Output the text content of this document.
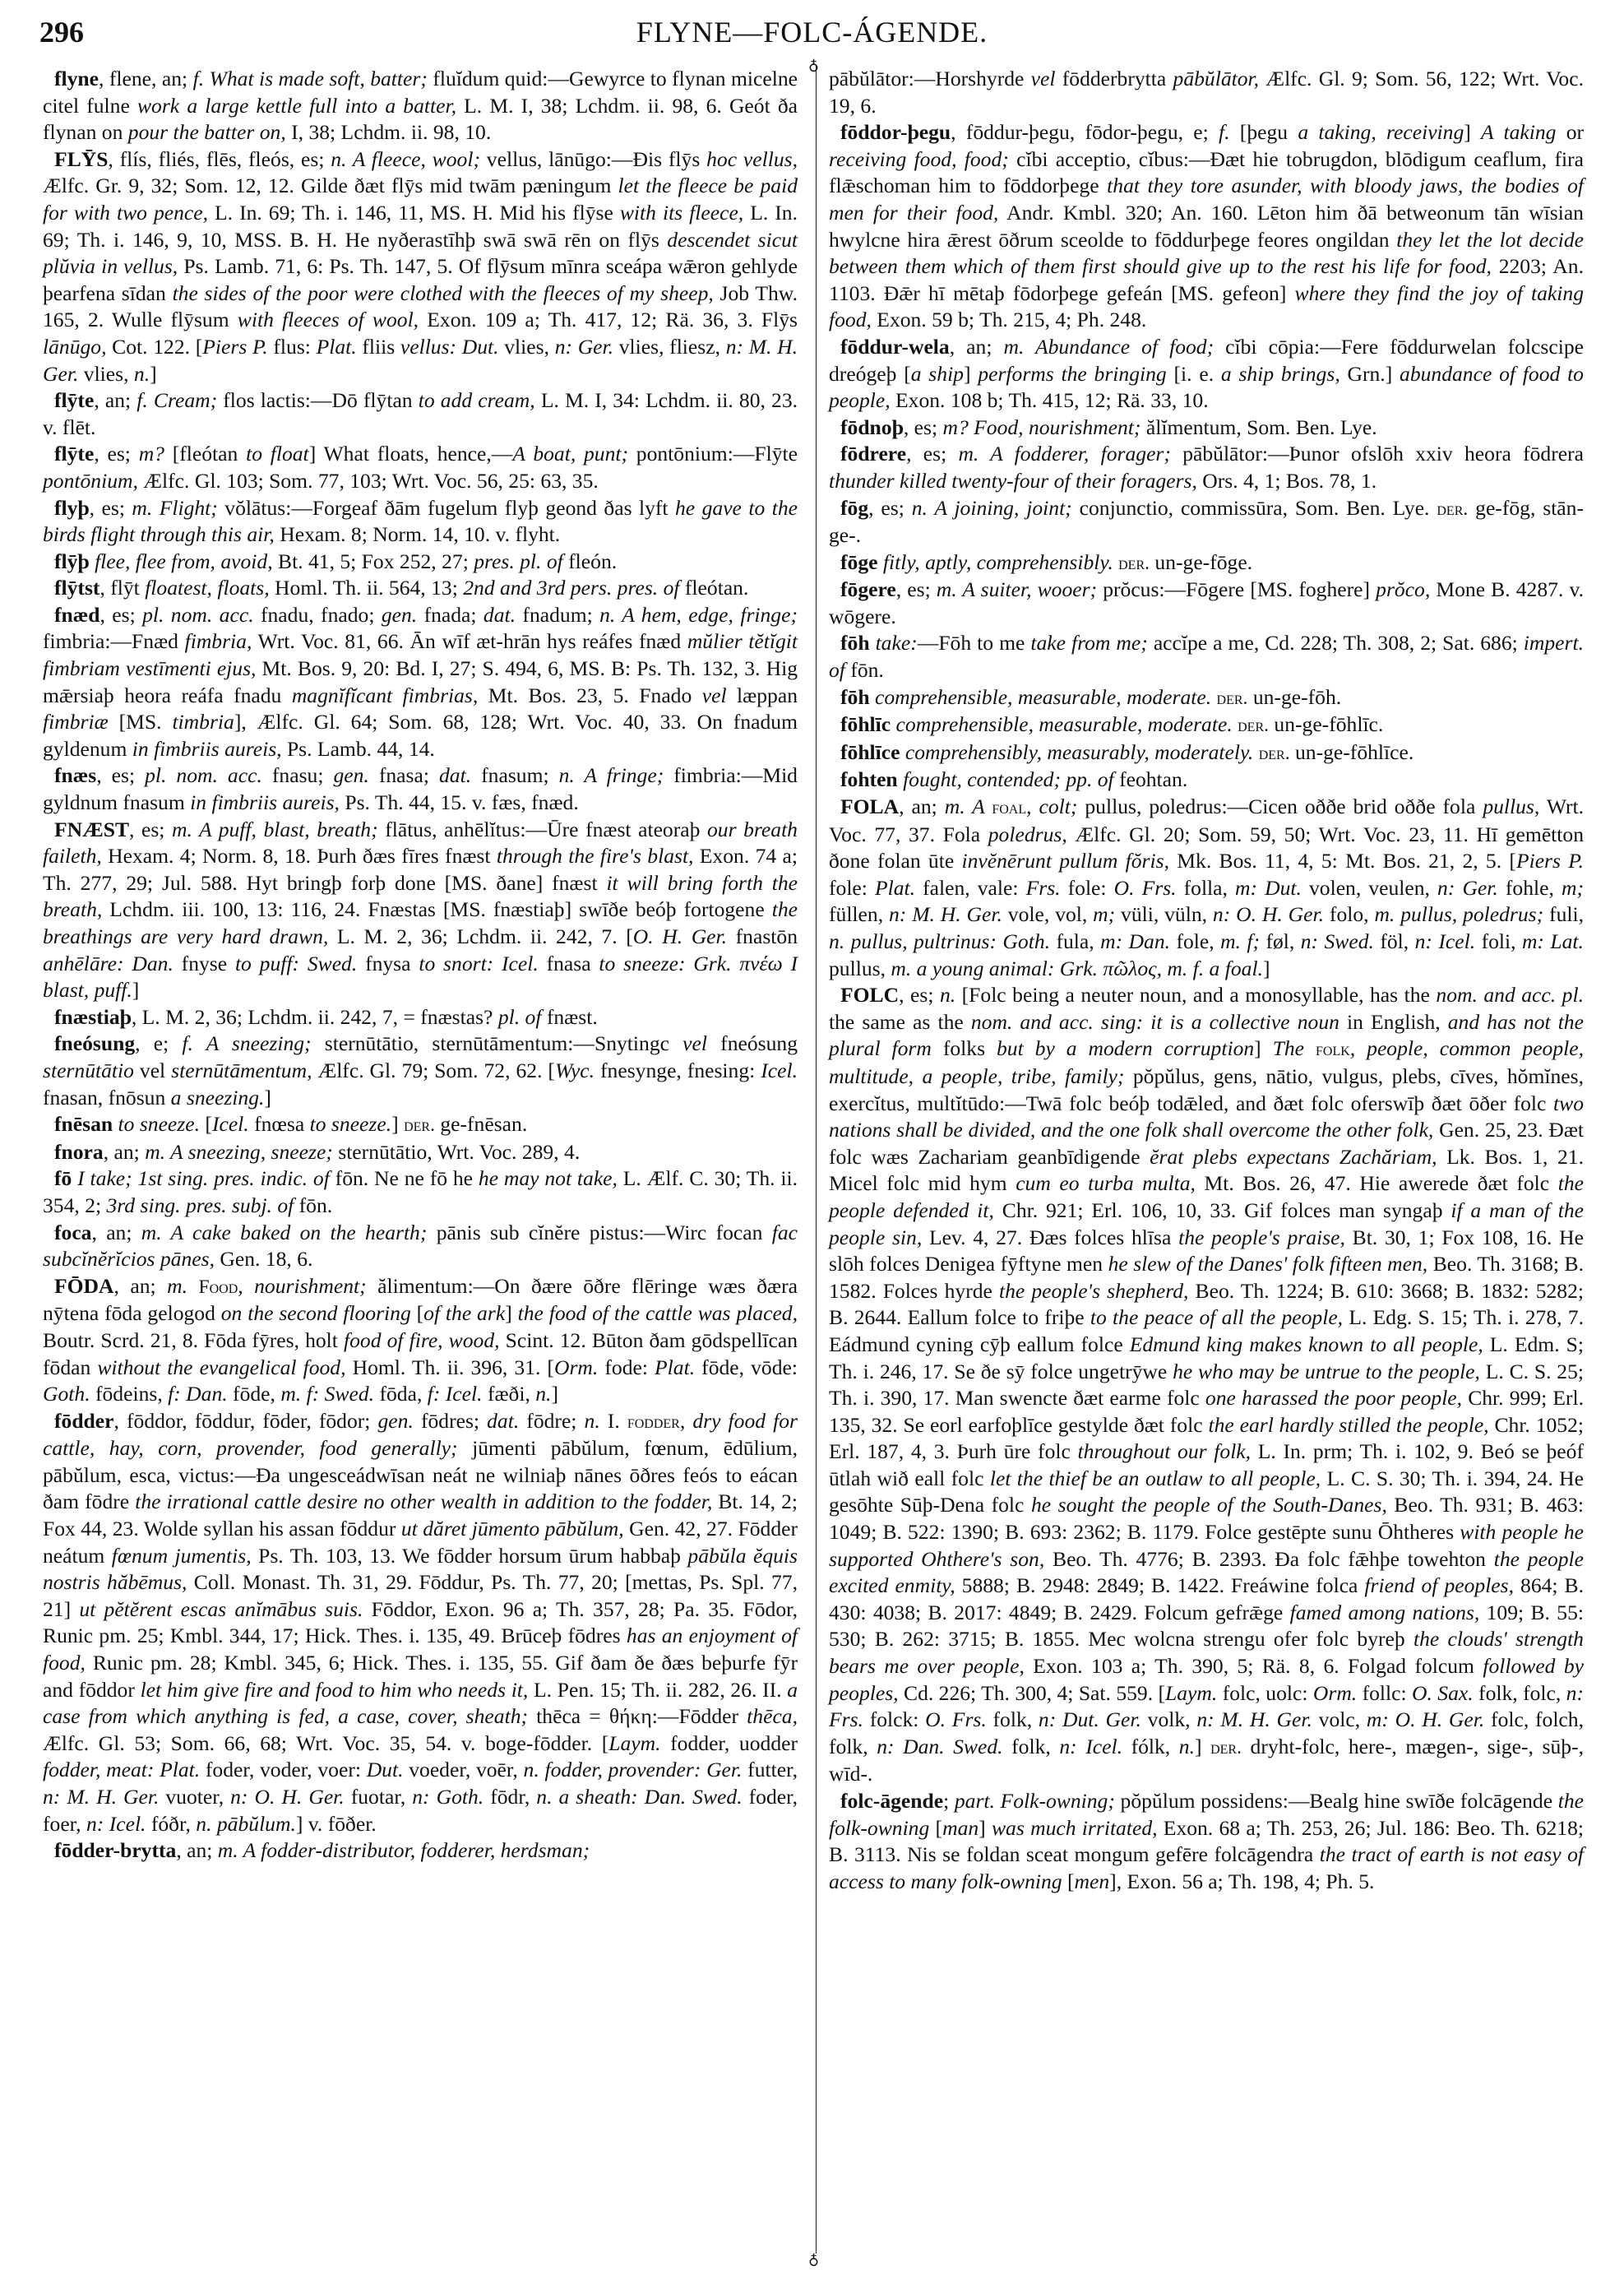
296	FLYNE—FOLC-ÁGENDE.
♁
♁

flyne, flene, an; f. What is made soft, batter; fluĭdum quid:—Gewyrce to flynan micelne citel fulne work a large kettle full into a batter, L. M. I, 38; Lchdm. ii. 98, 6. Geót ðа flynan on pour the batter on, I, 38; Lchdm. ii. 98, 10.

FLȲS, flís, fliés, flēs, fleós, es; n. A fleece, wool; vellus, lānūgo:—Ðis flȳs hoc vellus, Ælfc. Gr. 9, 32; Som. 12, 12. Gilde ðæt flȳs mid twām pæningum let the fleece be paid for with two pence, L. In. 69; Th. i. 146, 11, MS. H. Mid his flȳse with its fleece, L. In. 69; Th. i. 146, 9, 10, MSS. B. H. He nyðerastīhþ swā swā rēn on flȳs descendet sicut plŭvia in vellus, Ps. Lamb. 71, 6: Ps. Th. 147, 5. Of flȳsum mīnra sceápa wǣron gehlyde þearfena sīdan the sides of the poor were clothed with the fleeces of my sheep, Job Thw. 165, 2. Wulle flȳsum with fleeces of wool, Exon. 109 a; Th. 417, 12; Rä. 36, 3. Flȳs lānūgo, Cot. 122. [Piers P. flus: Plat. fliis vellus: Dut. vlies, n: Ger. vlies, fliesz, n: M. H. Ger. vlies, n.]

flȳte, an; f. Cream; flos lactis:—Dō flȳtan to add cream, L. M. I, 34: Lchdm. ii. 80, 23. v. flēt.

flȳte, es; m? [fleótan to float] What floats, hence,—A boat, punt; pontōnium:—Flȳte pontōnium, Ælfc. Gl. 103; Som. 77, 103; Wrt. Voc. 56, 25: 63, 35.

flyþ, es; m. Flight; vŏlātus:—Forgeaf ðām fugelum flyþ geond ðas lyft he gave to the birds flight through this air, Hexam. 8; Norm. 14, 10. v. flyht.

flȳþ flee, flee from, avoid, Bt. 41, 5; Fox 252, 27; pres. pl. of fleón.

flȳtst, flȳt floatest, floats, Homl. Th. ii. 564, 13; 2nd and 3rd pers. pres. of fleótan.

fnæd, es; pl. nom. acc. fnadu, fnado; gen. fnada; dat. fnadum; n. A hem, edge, fringe; fimbria:—Fnæd fimbria, Wrt. Voc. 81, 66. Ān wīf æt-hrān hys reáfes fnæd mŭlier tĕtĭgit fimbriam vestīmenti ejus, Mt. Bos. 9, 20: Bd. I, 27; S. 494, 6, MS. B: Ps. Th. 132, 3. Hig mǣrsiaþ heora reáfa fnadu magnĭfĭcant fimbrias, Mt. Bos. 23, 5. Fnado vel læppan fimbriæ [MS. timbria], Ælfc. Gl. 64; Som. 68, 128; Wrt. Voc. 40, 33. On fnadum gyldenum in fimbriis aureis, Ps. Lamb. 44, 14.

fnæs, es; pl. nom. acc. fnasu; gen. fnasa; dat. fnasum; n. A fringe; fimbria:—Mid gyldnum fnasum in fimbriis aureis, Ps. Th. 44, 15. v. fæs, fnæd.

FNÆST, es; m. A puff, blast, breath; flātus, anhēlĭtus:—Ūre fnæst ateoraþ our breath faileth, Hexam. 4; Norm. 8, 18. Þurh ðæs fīres fnæst through the fire's blast, Exon. 74 a; Th. 277, 29; Jul. 588. Hyt bringþ forþ done [MS. ðane] fnæst it will bring forth the breath, Lchdm. iii. 100, 13: 116, 24. Fnæstas [MS. fnæstiaþ] swīðe beóþ fortogene the breathings are very hard drawn, L. M. 2, 36; Lchdm. ii. 242, 7. [O. H. Ger. fnastōn anhēlāre: Dan. fnyse to puff: Swed. fnysa to snort: Icel. fnasa to sneeze: Grk. πνέω I blast, puff.]

fnæstiaþ, L. M. 2, 36; Lchdm. ii. 242, 7, = fnæstas? pl. of fnæst.

fneósung, e; f. A sneezing; sternūtātio, sternūtāmentum:—Snytingc vel fneósung sternūtātio vel sternūtāmentum, Ælfc. Gl. 79; Som. 72, 62. [Wyc. fnesynge, fnesing: Icel. fnasan, fnōsun a sneezing.]

fnēsan to sneeze. [Icel. fnœsa to sneeze.] der. ge-fnēsan.

fnora, an; m. A sneezing, sneeze; sternūtātio, Wrt. Voc. 289, 4.

fō I take; 1st sing. pres. indic. of fōn. Ne ne fō he he may not take, L. Ælf. C. 30; Th. ii. 354, 2; 3rd sing. pres. subj. of fōn.

foca, an; m. A cake baked on the hearth; pānis sub cĭnĕre pistus:—Wirc focan fac subcĭnĕrĭcios pānes, Gen. 18, 6.

FŌDA, an; m. Food, nourishment; ălimentum:—On ðære ōðre flēringe wæs ðæra nȳtena fōda gelogod on the second flooring [of the ark] the food of the cattle was placed, Boutr. Scrd. 21, 8. Fōda fȳres, holt food of fire, wood, Scint. 12. Būton ðam gōdspellīcan fōdan without the evangelical food, Homl. Th. ii. 396, 31. [Orm. fode: Plat. fōde, vōde: Goth. fōdeins, f: Dan. fōde, m. f: Swed. fōda, f: Icel. fæði, n.]

fōdder, fōddor, fōddur, fōder, fōdor; gen. fōdres; dat. fōdre; n. I. fodder, dry food for cattle, hay, corn, provender, food generally; jūmenti pābŭlum, fœnum, ēdūlium, pābŭlum, esca, victus:—Ða ungesceádwīsan neát ne wilniaþ nānes ōðres feós to eácan ðam fōdre the irrational cattle desire no other wealth in addition to the fodder, Bt. 14, 2; Fox 44, 23. Wolde syllan his assan fōddur ut dăret jūmento pābŭlum, Gen. 42, 27. Fōdder neátum fœnum jumentis, Ps. Th. 103, 13. We fōdder horsum ūrum habbaþ pābŭla ĕquis nostris hăbēmus, Coll. Monast. Th. 31, 29. Fōddur, Ps. Th. 77, 20; [mettas, Ps. Spl. 77, 21] ut pĕtĕrent escas anĭmābus suis. Fōddor, Exon. 96 a; Th. 357, 28; Pa. 35. Fōdor, Runic pm. 25; Kmbl. 344, 17; Hick. Thes. i. 135, 49. Brūceþ fōdres has an enjoyment of food, Runic pm. 28; Kmbl. 345, 6; Hick. Thes. i. 135, 55. Gif ðam ðe ðæs beþurfe fȳr and fōddor let him give fire and food to him who needs it, L. Pen. 15; Th. ii. 282, 26. II. a case from which anything is fed, a case, cover, sheath; thēca = θήκη:—Fōdder thēca, Ælfc. Gl. 53; Som. 66, 68; Wrt. Voc. 35, 54. v. boge-fōdder. [Laym. fodder, uodder fodder, meat: Plat. foder, voder, voer: Dut. voeder, voēr, n. fodder, provender: Ger. futter, n: M. H. Ger. vuoter, n: O. H. Ger. fuotar, n: Goth. fōdr, n. a sheath: Dan. Swed. foder, foer, n: Icel. fóðr, n. pābŭlum.] v. fōðer.

fōdder-brytta, an; m. A fodder-distributor, fodderer, herdsman;

pābŭlātor:—Horshyrde vel fōdderbrytta pābŭlātor, Ælfc. Gl. 9; Som. 56, 122; Wrt. Voc. 19, 6.

fōddor-þegu, fōddur-þegu, fōdor-þegu, e; f. [þegu a taking, receiving] A taking or receiving food, food; cĭbi acceptio, cĭbus:—Ðæt hie tobrugdon, blōdigum ceaflum, fira flǣschoman him to fōddorþege that they tore asunder, with bloody jaws, the bodies of men for their food, Andr. Kmbl. 320; An. 160. Lēton him ðā betweonum tān wīsian hwylcne hira ǣrest ōðrum sceolde to fōddurþege feores ongildan they let the lot decide between them which of them first should give up to the rest his life for food, 2203; An. 1103. Ðǣr hī mētaþ fōdorþege gefeán [MS. gefeon] where they find the joy of taking food, Exon. 59 b; Th. 215, 4; Ph. 248.

fōddur-wela, an; m. Abundance of food; cĭbi cōpia:—Fere fōddurwelan folcscipe dreógeþ [a ship] performs the bringing [i. e. a ship brings, Grn.] abundance of food to people, Exon. 108 b; Th. 415, 12; Rä. 33, 10.

fōdnoþ, es; m? Food, nourishment; ălĭmentum, Som. Ben. Lye.

fōdrere, es; m. A fodderer, forager; pābŭlātor:—Þunor ofslōh xxiv heora fōdrera thunder killed twenty-four of their foragers, Ors. 4, 1; Bos. 78, 1.

fōg, es; n. A joining, joint; conjunctio, commissūra, Som. Ben. Lye. der. ge-fōg, stān-ge-.

fōge fitly, aptly, comprehensibly. der. un-ge-fōge.

fōgere, es; m. A suiter, wooer; prŏcus:—Fōgere [MS. foghere] prŏco, Mone B. 4287. v. wōgere.

fōh take:—Fōh to me take from me; accĭpe a me, Cd. 228; Th. 308, 2; Sat. 686; impert. of fōn.

fōh comprehensible, measurable, moderate. der. un-ge-fōh.

fōhlīc comprehensible, measurable, moderate. der. un-ge-fōhlīc.

fōhlīce comprehensibly, measurably, moderately. der. un-ge-fōhlīce.

fohten fought, contended; pp. of feohtan.

FOLA, an; m. A foal, colt; pullus, poledrus:—Cicen oððe brid oððe fola pullus, Wrt. Voc. 77, 37. Fola poledrus, Ælfc. Gl. 20; Som. 59, 50; Wrt. Voc. 23, 11. Hī gemētton ðone folan ūte invĕnērunt pullum fŏris, Mk. Bos. 11, 4, 5: Mt. Bos. 21, 2, 5. [Piers P. fole: Plat. falen, vale: Frs. fole: O. Frs. folla, m: Dut. volen, veulen, n: Ger. fohle, m; füllen, n: M. H. Ger. vole, vol, m; vüli, vüln, n: O. H. Ger. folo, m. pullus, poledrus; fuli, n. pullus, pultrinus: Goth. fula, m: Dan. fole, m. f; føl, n: Swed. föl, n: Icel. foli, m: Lat. pullus, m. a young animal: Grk. πῶλος, m. f. a foal.]

FOLC, es; n. [Folc being a neuter noun, and a monosyllable, has the nom. and acc. pl. the same as the nom. and acc. sing: it is a collective noun in English, and has not the plural form folks but by a modern corruption] The folk, people, common people, multitude, a people, tribe, family; pŏpŭlus, gens, nātio, vulgus, plebs, cīves, hŏmĭnes, exercĭtus, multĭtūdo:—Twā folc beóþ todǣled, and ðæt folc oferswīþ ðæt ōðer folc two nations shall be divided, and the one folk shall overcome the other folk, Gen. 25, 23. Ðæt folc wæs Zachariam geanbīdigende ĕrat plebs expectans Zachăriam, Lk. Bos. 1, 21. Micel folc mid hym cum eo turba multa, Mt. Bos. 26, 47. Hie awerede ðæt folc the people defended it, Chr. 921; Erl. 106, 10, 33. Gif folces man syngaþ if a man of the people sin, Lev. 4, 27. Ðæs folces hlīsa the people's praise, Bt. 30, 1; Fox 108, 16. He slōh folces Denigea fȳftyne men he slew of the Danes' folk fifteen men, Beo. Th. 3168; B. 1582. Folces hyrde the people's shepherd, Beo. Th. 1224; B. 610: 3668; B. 1832: 5282; B. 2644. Eallum folce to friþe to the peace of all the people, L. Edg. S. 15; Th. i. 278, 7. Eádmund cyning cȳþ eallum folce Edmund king makes known to all people, L. Edm. S; Th. i. 246, 17. Se ðe sȳ folce ungetrȳwe he who may be untrue to the people, L. C. S. 25; Th. i. 390, 17. Man swencte ðæt earme folc one harassed the poor people, Chr. 999; Erl. 135, 32. Se eorl earfoþlīce gestylde ðæt folc the earl hardly stilled the people, Chr. 1052; Erl. 187, 4, 3. Þurh ūre folc throughout our folk, L. In. prm; Th. i. 102, 9. Beó se þeóf ūtlah wið eall folc let the thief be an outlaw to all people, L. C. S. 30; Th. i. 394, 24. He gesōhte Sūþ-Dena folc he sought the people of the South-Danes, Beo. Th. 931; B. 463: 1049; B. 522: 1390; B. 693: 2362; B. 1179. Folce gestēpte sunu Ōhtheres with people he supported Ohthere's son, Beo. Th. 4776; B. 2393. Ða folc fǣhþe towehton the people excited enmity, 5888; B. 2948: 2849; B. 1422. Freáwine folca friend of peoples, 864; B. 430: 4038; B. 2017: 4849; B. 2429. Folcum gefrǣge famed among nations, 109; B. 55: 530; B. 262: 3715; B. 1855. Mec wolcna strengu ofer folc byreþ the clouds' strength bears me over people, Exon. 103 a; Th. 390, 5; Rä. 8, 6. Folgad folcum followed by peoples, Cd. 226; Th. 300, 4; Sat. 559. [Laym. folc, uolc: Orm. follc: O. Sax. folk, folc, n: Frs. folck: O. Frs. folk, n: Dut. Ger. volk, n: M. H. Ger. volc, m: O. H. Ger. folc, folch, folk, n: Dan. Swed. folk, n: Icel. fólk, n.] der. dryht-folc, here-, mægen-, sige-, sūþ-, wīd-.

folc-āgende; part. Folk-owning; pŏpŭlum possidens:—Bealg hine swīðe folcāgende the folk-owning [man] was much irritated, Exon. 68 a; Th. 253, 26; Jul. 186: Beo. Th. 6218; B. 3113. Nis se foldan sceat mongum gefēre folcāgendra the tract of earth is not easy of access to many folk-owning [men], Exon. 56 a; Th. 198, 4; Ph. 5.
